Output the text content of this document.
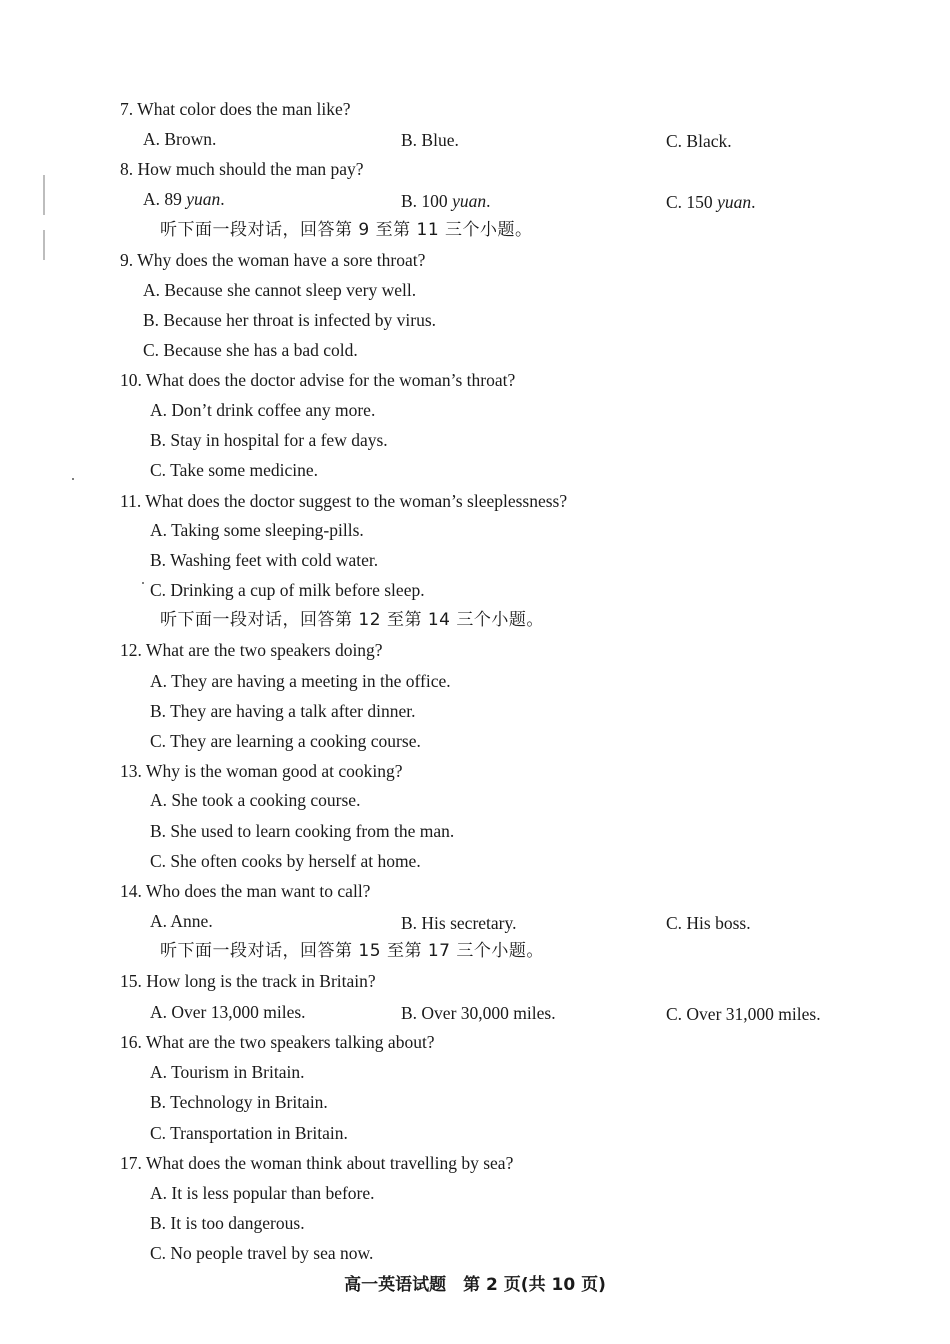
7. What color does the man like?
A. Brown.	B. Blue.	C. Black.
8. How much should the man pay?
A. 89 yuan.	B. 100 yuan.	C. 150 yuan.
听下面一段对话，回答第 9 至第 11 三个小题。
9. Why does the woman have a sore throat?
A. Because she cannot sleep very well.
B. Because her throat is infected by virus.
C. Because she has a bad cold.
10. What does the doctor advise for the woman’s throat?
A. Don’t drink coffee any more.
B. Stay in hospital for a few days.
C. Take some medicine.
11. What does the doctor suggest to the woman’s sleeplessness?
A. Taking some sleeping-pills.
B. Washing feet with cold water.
C. Drinking a cup of milk before sleep.
听下面一段对话，回答第 12 至第 14 三个小题。
12. What are the two speakers doing?
A. They are having a meeting in the office.
B. They are having a talk after dinner.
C. They are learning a cooking course.
13. Why is the woman good at cooking?
A. She took a cooking course.
B. She used to learn cooking from the man.
C. She often cooks by herself at home.
14. Who does the man want to call?
A. Anne.	B. His secretary.	C. His boss.
听下面一段对话，回答第 15 至第 17 三个小题。
15. How long is the track in Britain?
A. Over 13,000 miles.	B. Over 30,000 miles.	C. Over 31,000 miles.
16. What are the two speakers talking about?
A. Tourism in Britain.
B. Technology in Britain.
C. Transportation in Britain.
17. What does the woman think about travelling by sea?
A. It is less popular than before.
B. It is too dangerous.
C. No people travel by sea now.
高一英语试题　第 2 页(共 10 页)
